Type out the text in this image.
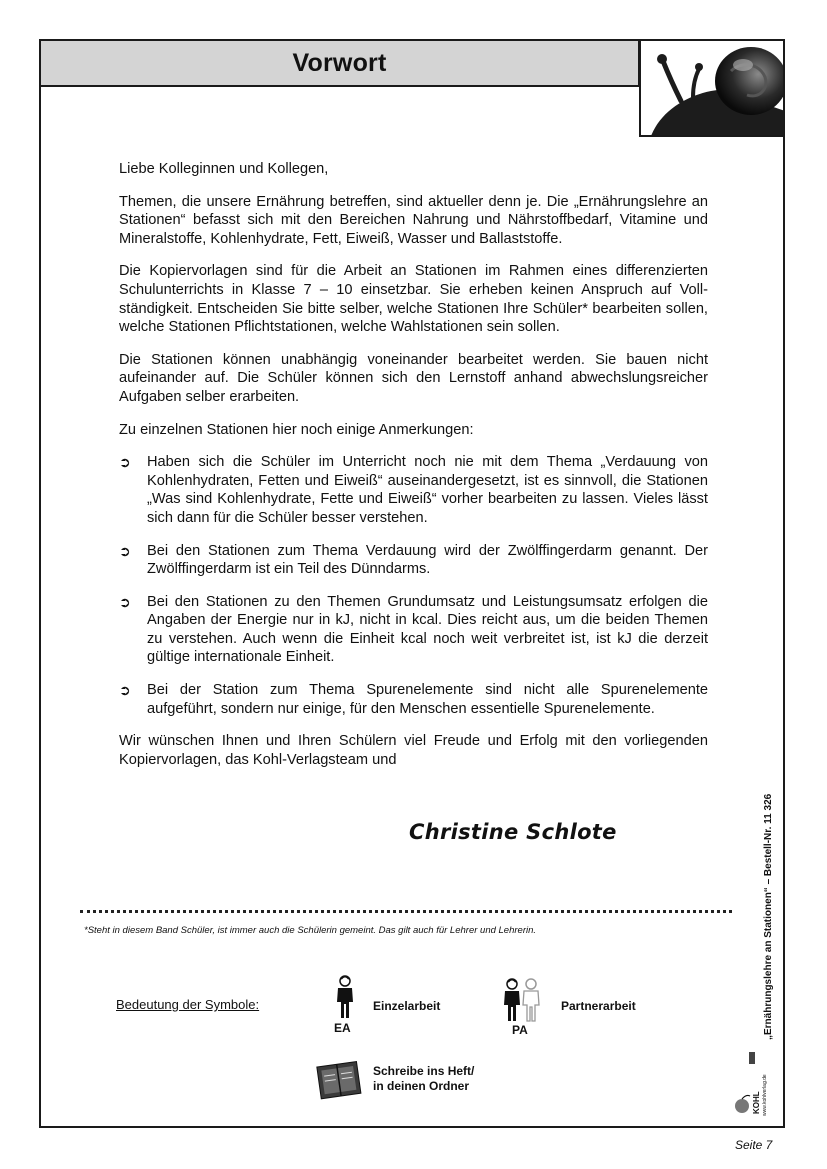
Vorwort

Liebe Kolleginnen und Kollegen,

Themen, die unsere Ernährung betreffen, sind aktueller denn je. Die „Ernährungslehre an Stationen“ befasst sich mit den Bereichen Nahrung und Nährstoffbedarf, Vitamine und Mineralstoffe, Kohlenhydrate, Fett, Eiweiß, Wasser und Ballaststoffe.

Die Kopiervorlagen sind für die Arbeit an Stationen im Rahmen eines differenzierten Schulunterrichts in Klasse 7 – 10 einsetzbar. Sie erheben keinen Anspruch auf Vollständigkeit. Entscheiden Sie bitte selber, welche Stationen Ihre Schüler* bearbeiten sollen, welche Stationen Pflichtstationen, welche Wahlstationen sein sollen.

Die Stationen können unabhängig voneinander bearbeitet werden. Sie bauen nicht aufeinander auf. Die Schüler können sich den Lernstoff anhand abwechslungsreicher Aufgaben selber erarbeiten.

Zu einzelnen Stationen hier noch einige Anmerkungen:

➲ Haben sich die Schüler im Unterricht noch nie mit dem Thema „Verdauung von Kohlenhydraten, Fetten und Eiweiß“ auseinandergesetzt, ist es sinnvoll, die Stationen „Was sind Kohlenhydrate, Fette und Eiweiß“ vorher bearbeiten zu lassen. Vieles lässt sich dann für die Schüler besser verstehen.
➲ Bei den Stationen zum Thema Verdauung wird der Zwölffingerdarm genannt. Der Zwölffingerdarm ist ein Teil des Dünndarms.
➲ Bei den Stationen zu den Themen Grundumsatz und Leistungsumsatz erfolgen die Angaben der Energie nur in kJ, nicht in kcal. Dies reicht aus, um die beiden Themen zu verstehen. Auch wenn die Einheit kcal noch weit verbreitet ist, ist kJ die derzeit gültige internationale Einheit.
➲ Bei der Station zum Thema Spurenelemente sind nicht alle Spurenelemente aufgeführt, sondern nur einige, für den Menschen essentielle Spurenelemente.

Wir wünschen Ihnen und Ihren Schülern viel Freude und Erfolg mit den vorliegenden Kopiervorlagen, das Kohl-Verlagsteam und

Christine Schlote
*Steht in diesem Band Schüler, ist immer auch die Schülerin gemeint. Das gilt auch für Lehrer und Lehrerin.
Bedeutung der Symbole:
EA
Einzelarbeit
PA
Partnerarbeit
Schreibe ins Heft/
in deinen Ordner
„Ernährungslehre an Stationen“ – Bestell-Nr. 11 326
KOHL www.kohlverlag.de
Seite 7
